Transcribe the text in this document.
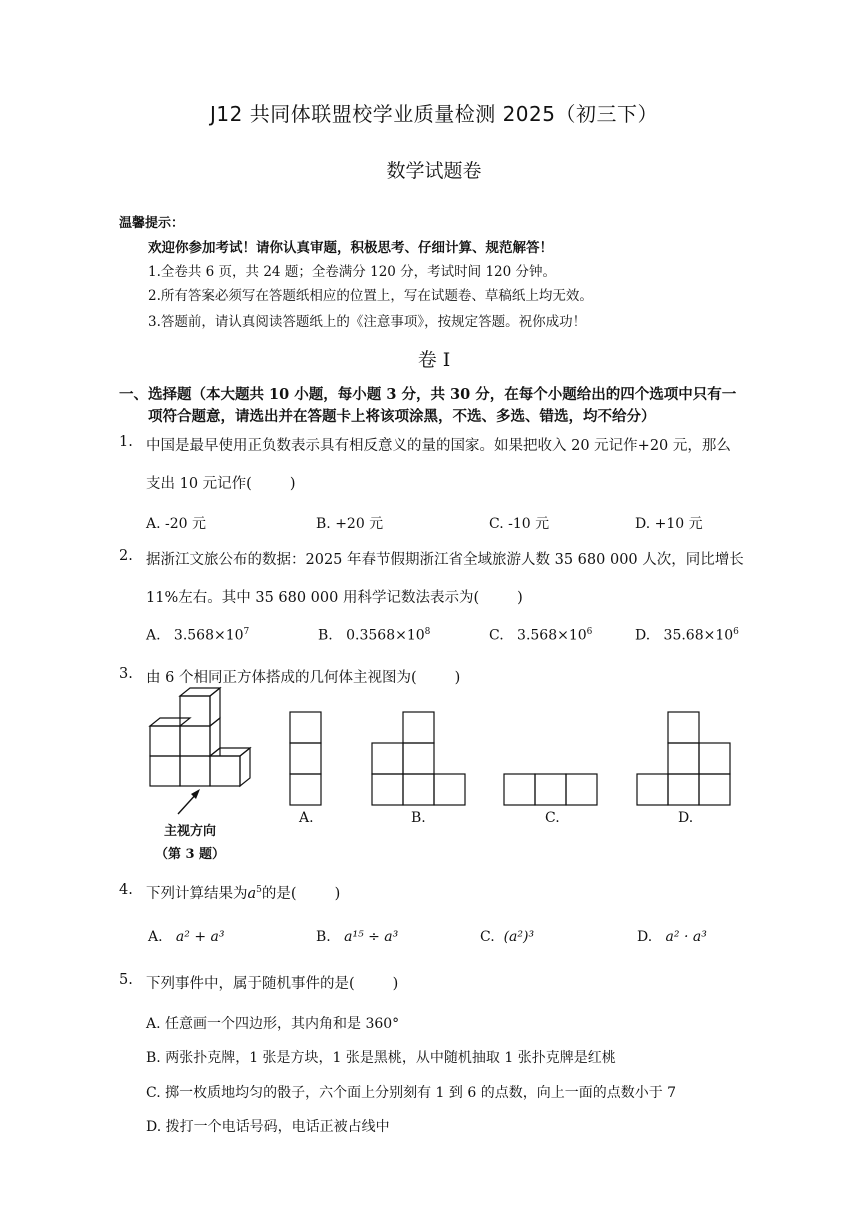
J12 共同体联盟校学业质量检测 2025（初三下）
数学试题卷
温馨提示：
欢迎你参加考试！请你认真审题，积极思考、仔细计算、规范解答！
1.全卷共 6 页，共 24 题；全卷满分 120 分，考试时间 120 分钟。
2.所有答案必须写在答题纸相应的位置上，写在试题卷、草稿纸上均无效。
3.答题前，请认真阅读答题纸上的《注意事项》，按规定答题。祝你成功！
卷 I
一、选择题（本大题共 10 小题，每小题 3 分，共 30 分，在每个小题给出的四个选项中只有一
项符合题意，请选出并在答题卡上将该项涂黑，不选、多选、错选，均不给分）
1. 中国是最早使用正负数表示具有相反意义的量的国家。如果把收入 20 元记作+20 元，那么
支出 10 元记作(	)
A. -20 元	B. +20 元	C. -10 元	D. +10 元
2. 据浙江文旅公布的数据：2025 年春节假期浙江省全域旅游人数 35 680 000 人次，同比增长
11%左右。其中 35 680 000 用科学记数法表示为(	)
A. $3.568\times 10^7$	B. $0.3568\times 10^8$	C. $3.568\times 10^6$	D. $35.68\times 10^6$
3. 由 6 个相同正方体搭成的几何体主视图为(	)
主视方向
（第 3 题）
A.	B.	C.	D.
4. 下列计算结果为$a^5$的是(	)
A. a² + a³	B. a¹⁵ ÷ a³	C. (a²)³	D. a² · a³
5. 下列事件中，属于随机事件的是(	)
A. 任意画一个四边形，其内角和是 360°
B. 两张扑克牌，1 张是方块，1 张是黑桃，从中随机抽取 1 张扑克牌是红桃
C. 掷一枚质地均匀的骰子，六个面上分别刻有 1 到 6 的点数，向上一面的点数小于 7
D. 拨打一个电话号码，电话正被占线中
